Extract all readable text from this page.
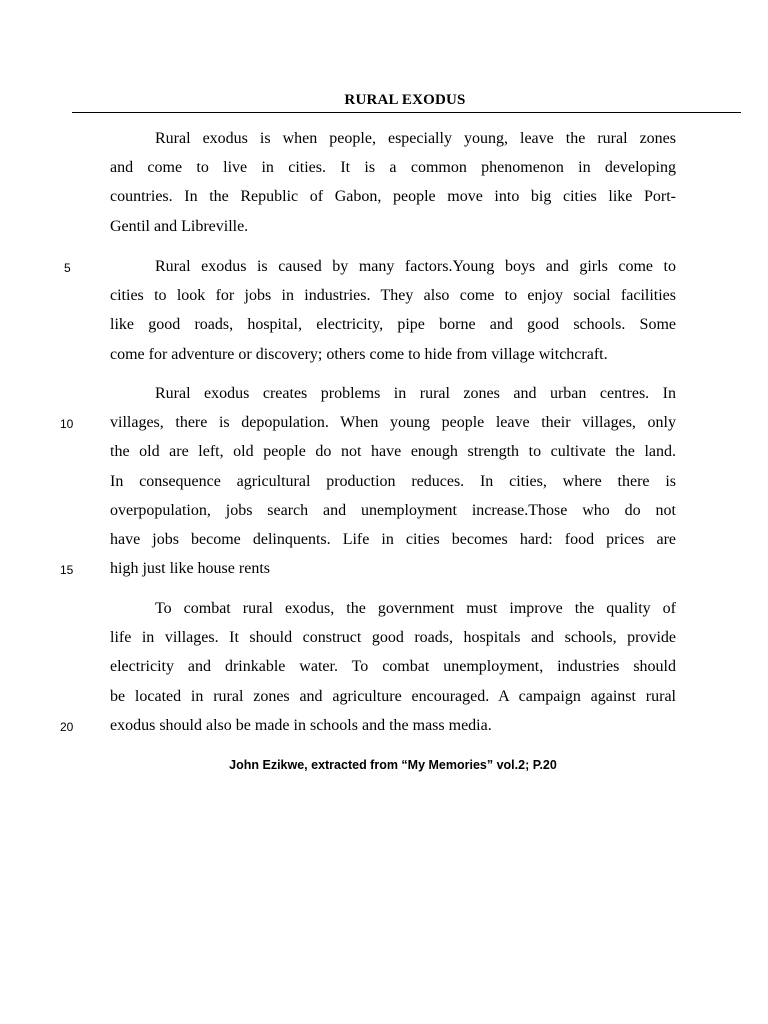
RURAL EXODUS
Rural exodus is when people, especially young, leave the rural zones
and come to live in cities. It is a common phenomenon in developing
countries. In the Republic of Gabon, people move into big cities like Port-
Gentil and Libreville.
Rural exodus is caused by many factors.Young boys and girls come to
cities to look for jobs in industries. They also come to enjoy social facilities
like good roads, hospital, electricity, pipe borne and good schools. Some
come for adventure or discovery; others come to hide from village witchcraft.
Rural exodus creates problems in rural zones and urban centres. In
villages, there is depopulation. When young people leave their villages, only
the old are left, old people do not have enough strength to cultivate the land.
In consequence agricultural production reduces. In cities, where there is
overpopulation, jobs search and unemployment increase.Those who do not
have jobs become delinquents. Life in cities becomes hard: food prices are
high just like house rents
To combat rural exodus, the government must improve the quality of
life in villages. It should construct good roads, hospitals and schools, provide
electricity and drinkable water. To combat unemployment, industries should
be located in rural zones and agriculture encouraged. A campaign against rural
exodus should also be made in schools and the mass media.
5
10
15
20
John Ezikwe, extracted from “My Memories” vol.2; P.20
